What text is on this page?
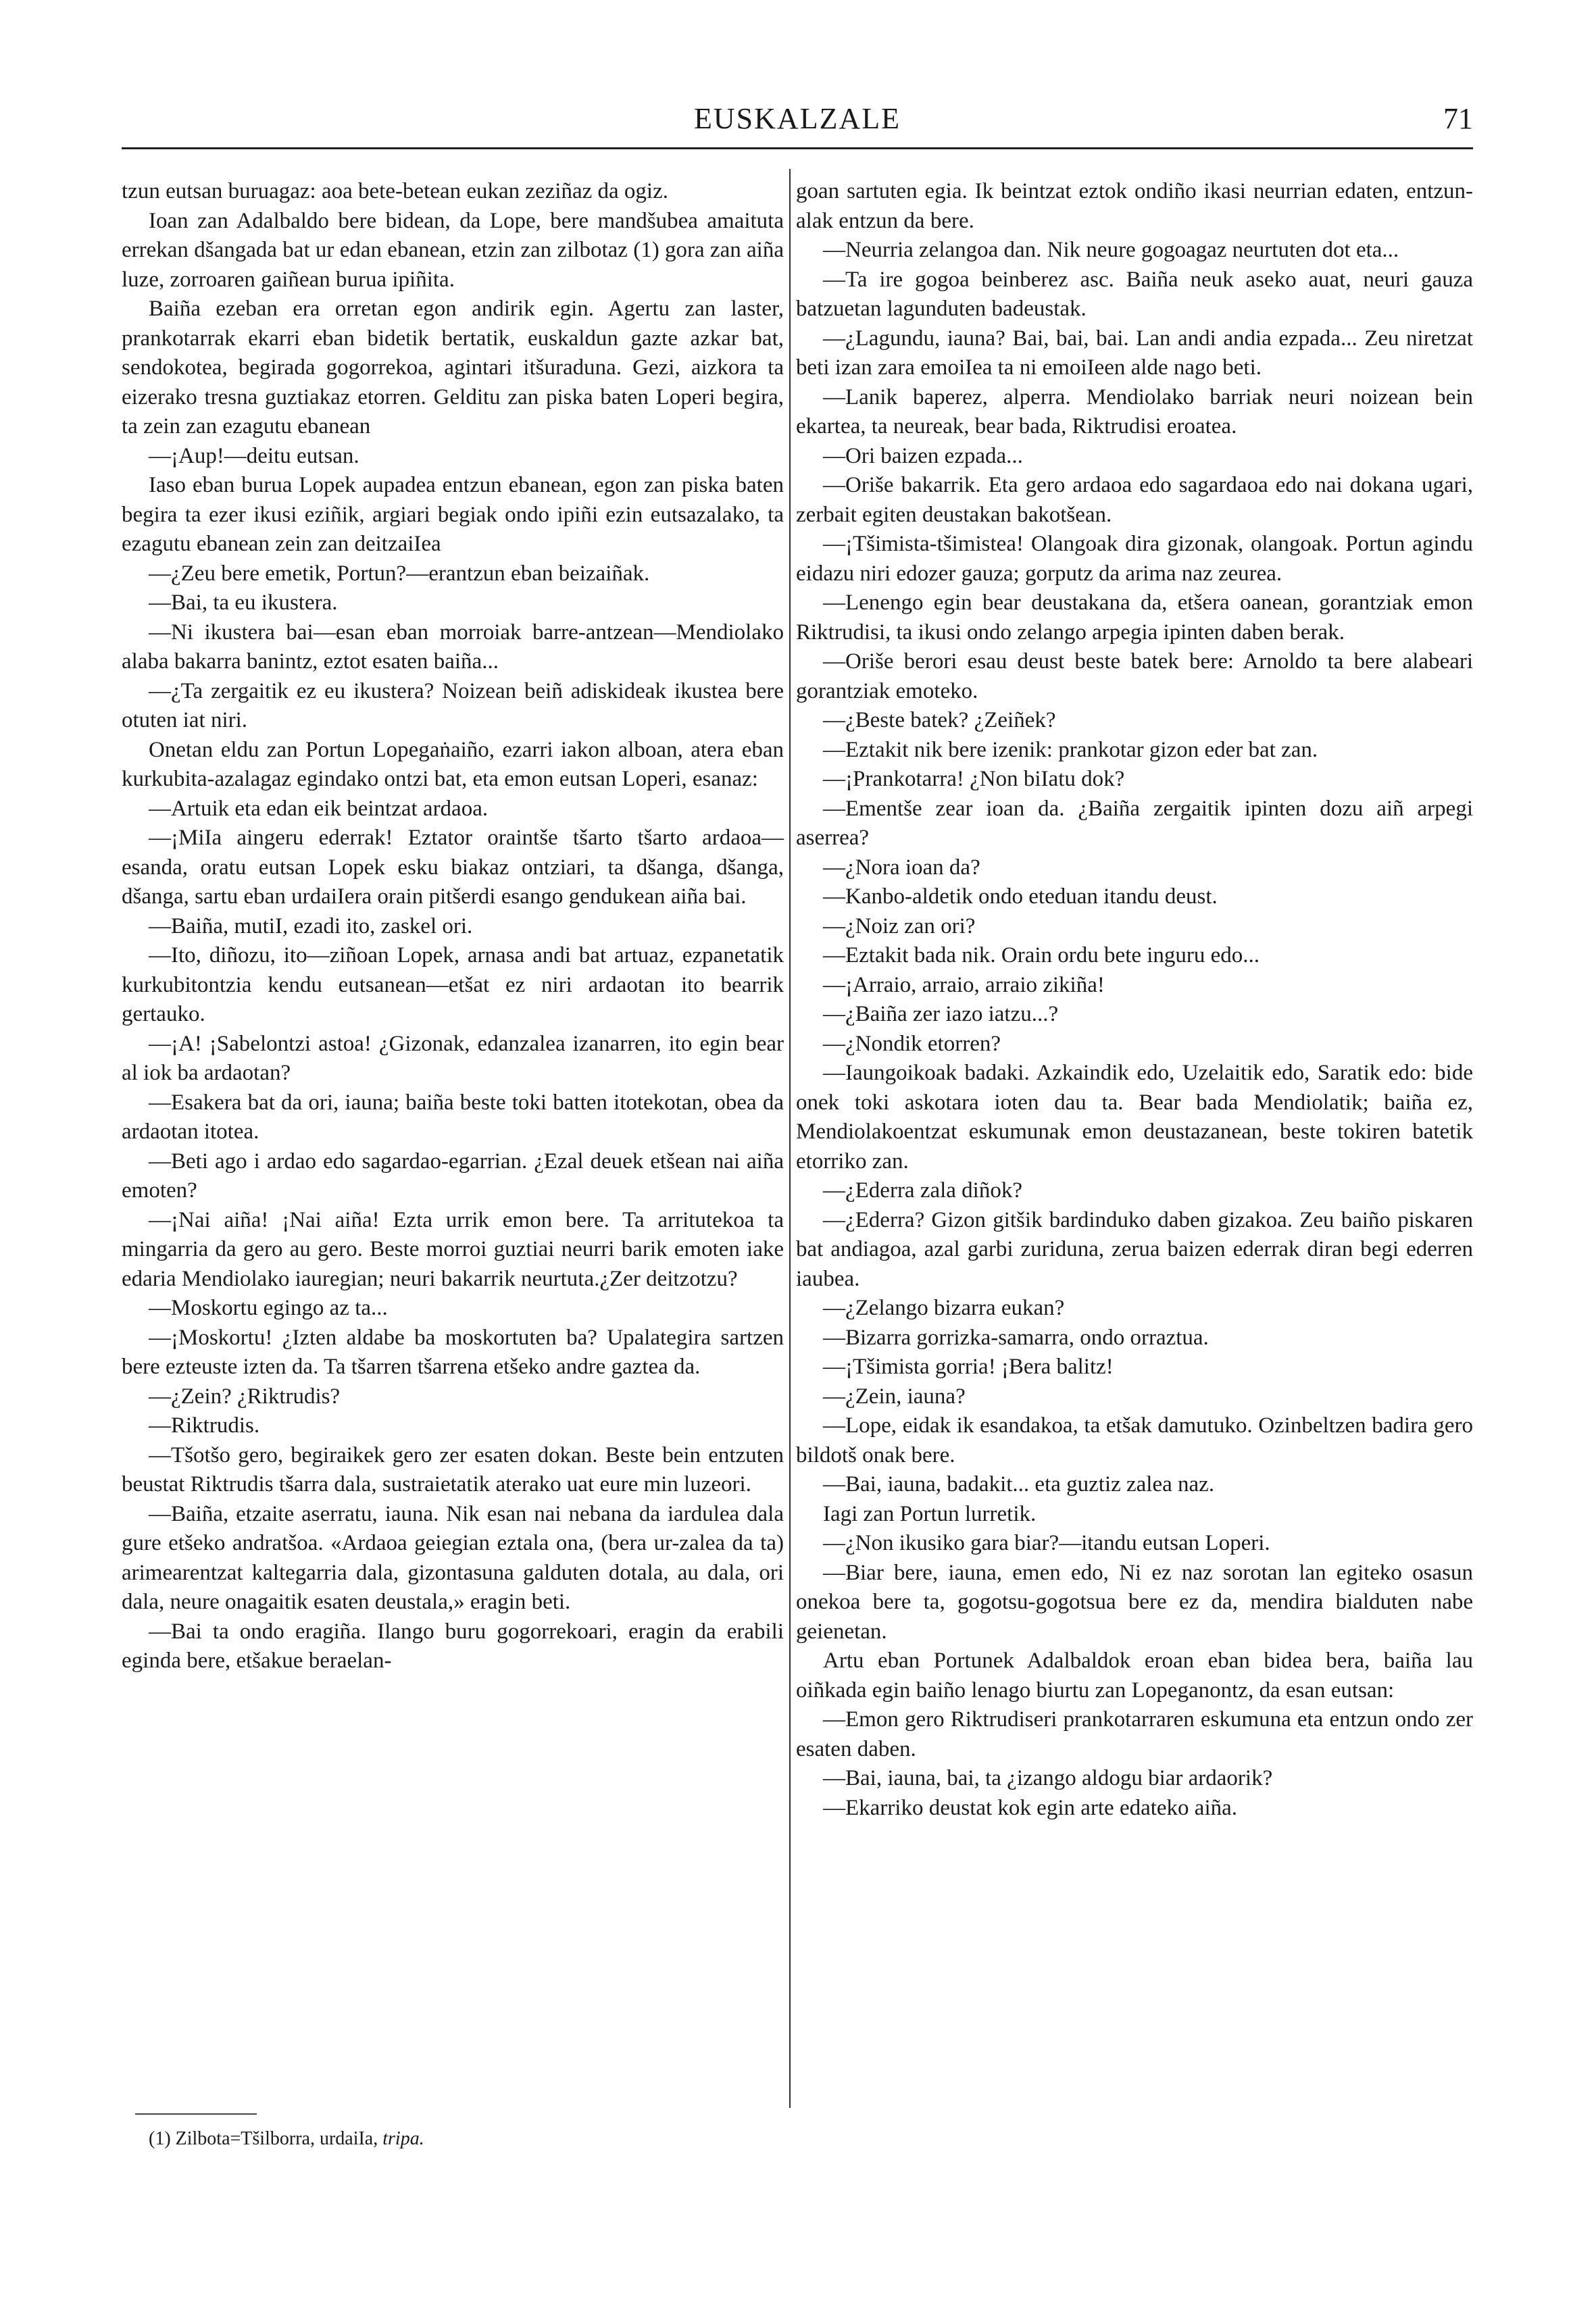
EUSKALZALE	71

tzun eutsan buruagaz: aoa bete-betean eukan zeziñaz da ogiz.

Ioan zan Adalbaldo bere bidean, da Lope, bere mandšubea amaituta errekan dšangada bat ur edan ebanean, etzin zan zilbotaz (1) gora zan aiña luze, zorroaren gaiñean burua ipiñita.

Baiña ezeban era orretan egon andirik egin. Agertu zan laster, prankotarrak ekarri eban bidetik bertatik, euskaldun gazte azkar bat, sendokotea, begirada gogorrekoa, agintari itšuraduna. Gezi, aizkora ta eizerako tresna guztiakaz etorren. Gelditu zan piska baten Loperi begira, ta zein zan ezagutu ebanean

—¡Aup!—deitu eutsan.

Iaso eban burua Lopek aupadea entzun ebanean, egon zan piska baten begira ta ezer ikusi eziñik, argiari begiak ondo ipiñi ezin eutsazalako, ta ezagutu ebanean zein zan deitzaiIea

—¿Zeu bere emetik, Portun?—erantzun eban beizaiñak.

—Bai, ta eu ikustera.

—Ni ikustera bai—esan eban morroiak barre-antzean—Mendiolako alaba bakarra banintz, eztot esaten baiña...

—¿Ta zergaitik ez eu ikustera? Noizean beiñ adiskideak ikustea bere otuten iat niri.

Onetan eldu zan Portun Lopegaṅaiño, ezarri iakon alboan, atera eban kurkubita-azalagaz egindako ontzi bat, eta emon eutsan Loperi, esanaz:

—Artuik eta edan eik beintzat ardaoa.

—¡MiIa aingeru ederrak! Eztator oraintše tšarto tšarto ardaoa—esanda, oratu eutsan Lopek esku biakaz ontziari, ta dšanga, dšanga, dšanga, sartu eban urdaiIera orain pitšerdi esango gendukean aiña bai.

—Baiña, mutiI, ezadi ito, zaskel ori.

—Ito, diñozu, ito—ziñoan Lopek, arnasa andi bat artuaz, ezpanetatik kurkubitontzia kendu eutsanean—etšat ez niri ardaotan ito bearrik gertauko.

—¡A! ¡Sabelontzi astoa! ¿Gizonak, edanzalea izanarren, ito egin bear al iok ba ardaotan?

—Esakera bat da ori, iauna; baiña beste toki batten itotekotan, obea da ardaotan itotea.

—Beti ago i ardao edo sagardao-egarrian. ¿Ezal deuek etšean nai aiña emoten?

—¡Nai aiña! ¡Nai aiña! Ezta urrik emon bere. Ta arritutekoa ta mingarria da gero au gero. Beste morroi guztiai neurri barik emoten iake edaria Mendiolako iauregian; neuri bakarrik neurtuta.¿Zer deitzotzu?

—Moskortu egingo az ta...

—¡Moskortu! ¿Izten aldabe ba moskortuten ba? Upalategira sartzen bere ezteuste izten da. Ta tšarren tšarrena etšeko andre gaztea da.

—¿Zein? ¿Riktrudis?

—Riktrudis.

—Tšotšo gero, begiraikek gero zer esaten dokan. Beste bein entzuten beustat Riktrudis tšarra dala, sustraietatik aterako uat eure min luzeori.

—Baiña, etzaite aserratu, iauna. Nik esan nai nebana da iardulea dala gure etšeko andratšoa. «Ardaoa geiegian eztala ona, (bera ur-zalea da ta) arimearentzat kaltegarria dala, gizontasuna galduten dotala, au dala, ori dala, neure onagaitik esaten deustala,» eragin beti.

—Bai ta ondo eragiña. Ilango buru gogorrekoari, eragin da erabili eginda bere, etšakue beraelan-

goan sartuten egia. Ik beintzat eztok ondiño ikasi neurrian edaten, entzun-alak entzun da bere.

—Neurria zelangoa dan. Nik neure gogoagaz neurtuten dot eta...

—Ta ire gogoa beinberez asc. Baiña neuk aseko auat, neuri gauza batzuetan lagunduten badeustak.

—¿Lagundu, iauna? Bai, bai, bai. Lan andi andia ezpada... Zeu niretzat beti izan zara emoiIea ta ni emoiIeen alde nago beti.

—Lanik baperez, alperra. Mendiolako barriak neuri noizean bein ekartea, ta neureak, bear bada, Riktrudisi eroatea.

—Ori baizen ezpada...

—Oriše bakarrik. Eta gero ardaoa edo sagardaoa edo nai dokana ugari, zerbait egiten deustakan bakotšean.

—¡Tšimista-tšimistea! Olangoak dira gizonak, olangoak. Portun agindu eidazu niri edozer gauza; gorputz da arima naz zeurea.

—Lenengo egin bear deustakana da, etšera oanean, gorantziak emon Riktrudisi, ta ikusi ondo zelango arpegia ipinten daben berak.

—Oriše berori esau deust beste batek bere: Arnoldo ta bere alabeari gorantziak emoteko.

—¿Beste batek? ¿Zeiñek?

—Eztakit nik bere izenik: prankotar gizon eder bat zan.

—¡Prankotarra! ¿Non biIatu dok?

—Ementše zear ioan da. ¿Baiña zergaitik ipinten dozu aiñ arpegi aserrea?

—¿Nora ioan da?

—Kanbo-aldetik ondo eteduan itandu deust.

—¿Noiz zan ori?

—Eztakit bada nik. Orain ordu bete inguru edo...

—¡Arraio, arraio, arraio zikiña!

—¿Baiña zer iazo iatzu...?

—¿Nondik etorren?

—Iaungoikoak badaki. Azkaindik edo, Uzelaitik edo, Saratik edo: bide onek toki askotara ioten dau ta. Bear bada Mendiolatik; baiña ez, Mendiolakoentzat eskumunak emon deustazanean, beste tokiren batetik etorriko zan.

—¿Ederra zala diñok?

—¿Ederra? Gizon gitšik bardinduko daben gizakoa. Zeu baiño piskaren bat andiagoa, azal garbi zuriduna, zerua baizen ederrak diran begi ederren iaubea.

—¿Zelango bizarra eukan?

—Bizarra gorrizka-samarra, ondo orraztua.

—¡Tšimista gorria! ¡Bera balitz!

—¿Zein, iauna?

—Lope, eidak ik esandakoa, ta etšak damutuko. Ozinbeltzen badira gero bildotš onak bere.

—Bai, iauna, badakit... eta guztiz zalea naz.

Iagi zan Portun lurretik.

—¿Non ikusiko gara biar?—itandu eutsan Loperi.

—Biar bere, iauna, emen edo, Ni ez naz sorotan lan egiteko osasun onekoa bere ta, gogotsu-gogotsua bere ez da, mendira bialduten nabe geienetan.

Artu eban Portunek Adalbaldok eroan eban bidea bera, baiña lau oiñkada egin baiño lenago biurtu zan Lopeganontz, da esan eutsan:

—Emon gero Riktrudiseri prankotarraren eskumuna eta entzun ondo zer esaten daben.

—Bai, iauna, bai, ta ¿izango aldogu biar ardaorik?

—Ekarriko deustat kok egin arte edateko aiña.

(1) Zilbota=Tšilborra, urdaiIa, tripa.
